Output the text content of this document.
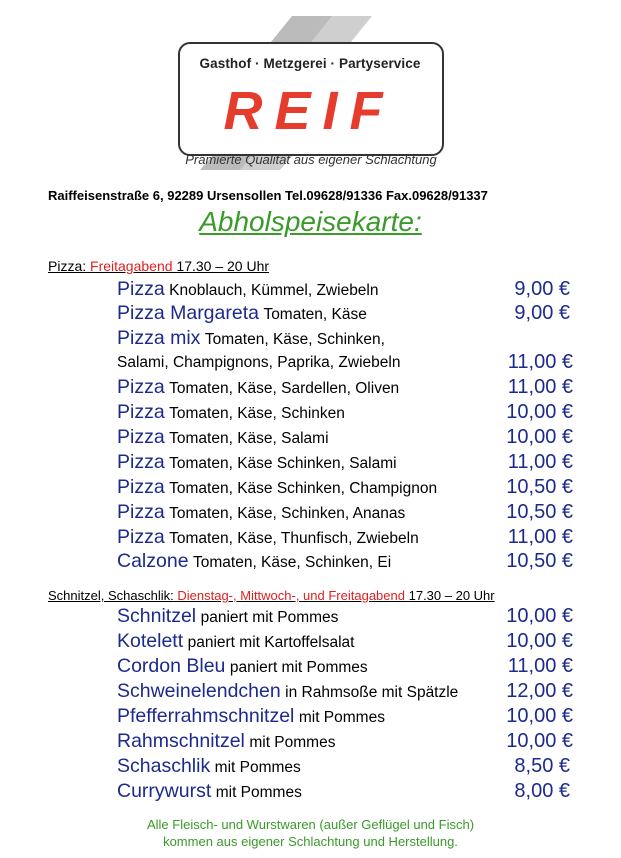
Gasthof · Metzgerei · Partyservice
REIF
Prämierte Qualität aus eigener Schlachtung
Raiffeisenstraße 6, 92289 Ursensollen Tel.09628/91336 Fax.09628/91337
Abholspeisekarte:
Pizza: Freitagabend 17.30 – 20 Uhr
Pizza Knoblauch, Kümmel, Zwiebeln	9,00 €
Pizza Margareta Tomaten, Käse	9,00 €
Pizza mix Tomaten, Käse, Schinken,
Salami, Champignons, Paprika, Zwiebeln	11,00 €
Pizza Tomaten, Käse, Sardellen, Oliven	11,00 €
Pizza Tomaten, Käse, Schinken	10,00 €
Pizza Tomaten, Käse, Salami	10,00 €
Pizza Tomaten, Käse Schinken, Salami	11,00 €
Pizza Tomaten, Käse Schinken, Champignon	10,50 €
Pizza Tomaten, Käse, Schinken, Ananas	10,50 €
Pizza Tomaten, Käse, Thunfisch, Zwiebeln	11,00 €
Calzone Tomaten, Käse, Schinken, Ei	10,50 €
Schnitzel, Schaschlik: Dienstag-, Mittwoch-, und Freitagabend 17.30 – 20 Uhr
Schnitzel paniert mit Pommes	10,00 €
Kotelett paniert mit Kartoffelsalat	10,00 €
Cordon Bleu paniert mit Pommes	11,00 €
Schweinelendchen in Rahmsoße mit Spätzle	12,00 €
Pfefferrahmschnitzel mit Pommes	10,00 €
Rahmschnitzel mit Pommes	10,00 €
Schaschlik mit Pommes	8,50 €
Currywurst mit Pommes	8,00 €
Alle Fleisch- und Wurstwaren (außer Geflügel und Fisch)
kommen aus eigener Schlachtung und Herstellung.
